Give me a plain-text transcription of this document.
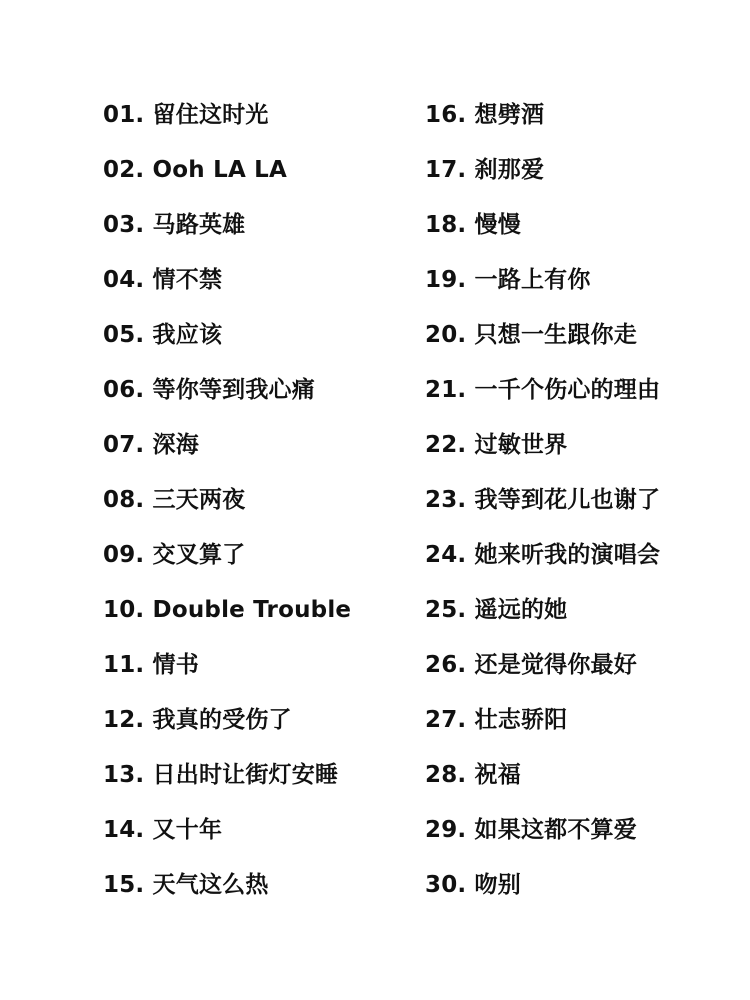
01. 留住这时光
02. Ooh LA LA
03. 马路英雄
04. 情不禁
05. 我应该
06. 等你等到我心痛
07. 深海
08. 三天两夜
09. 交叉算了
10. Double Trouble
11. 情书
12. 我真的受伤了
13. 日出时让街灯安睡
14. 又十年
15. 天气这么热
16. 想劈酒
17. 刹那爱
18. 慢慢
19. 一路上有你
20. 只想一生跟你走
21. 一千个伤心的理由
22. 过敏世界
23. 我等到花儿也谢了
24. 她来听我的演唱会
25. 遥远的她
26. 还是觉得你最好
27. 壮志骄阳
28. 祝福
29. 如果这都不算爱
30. 吻别
